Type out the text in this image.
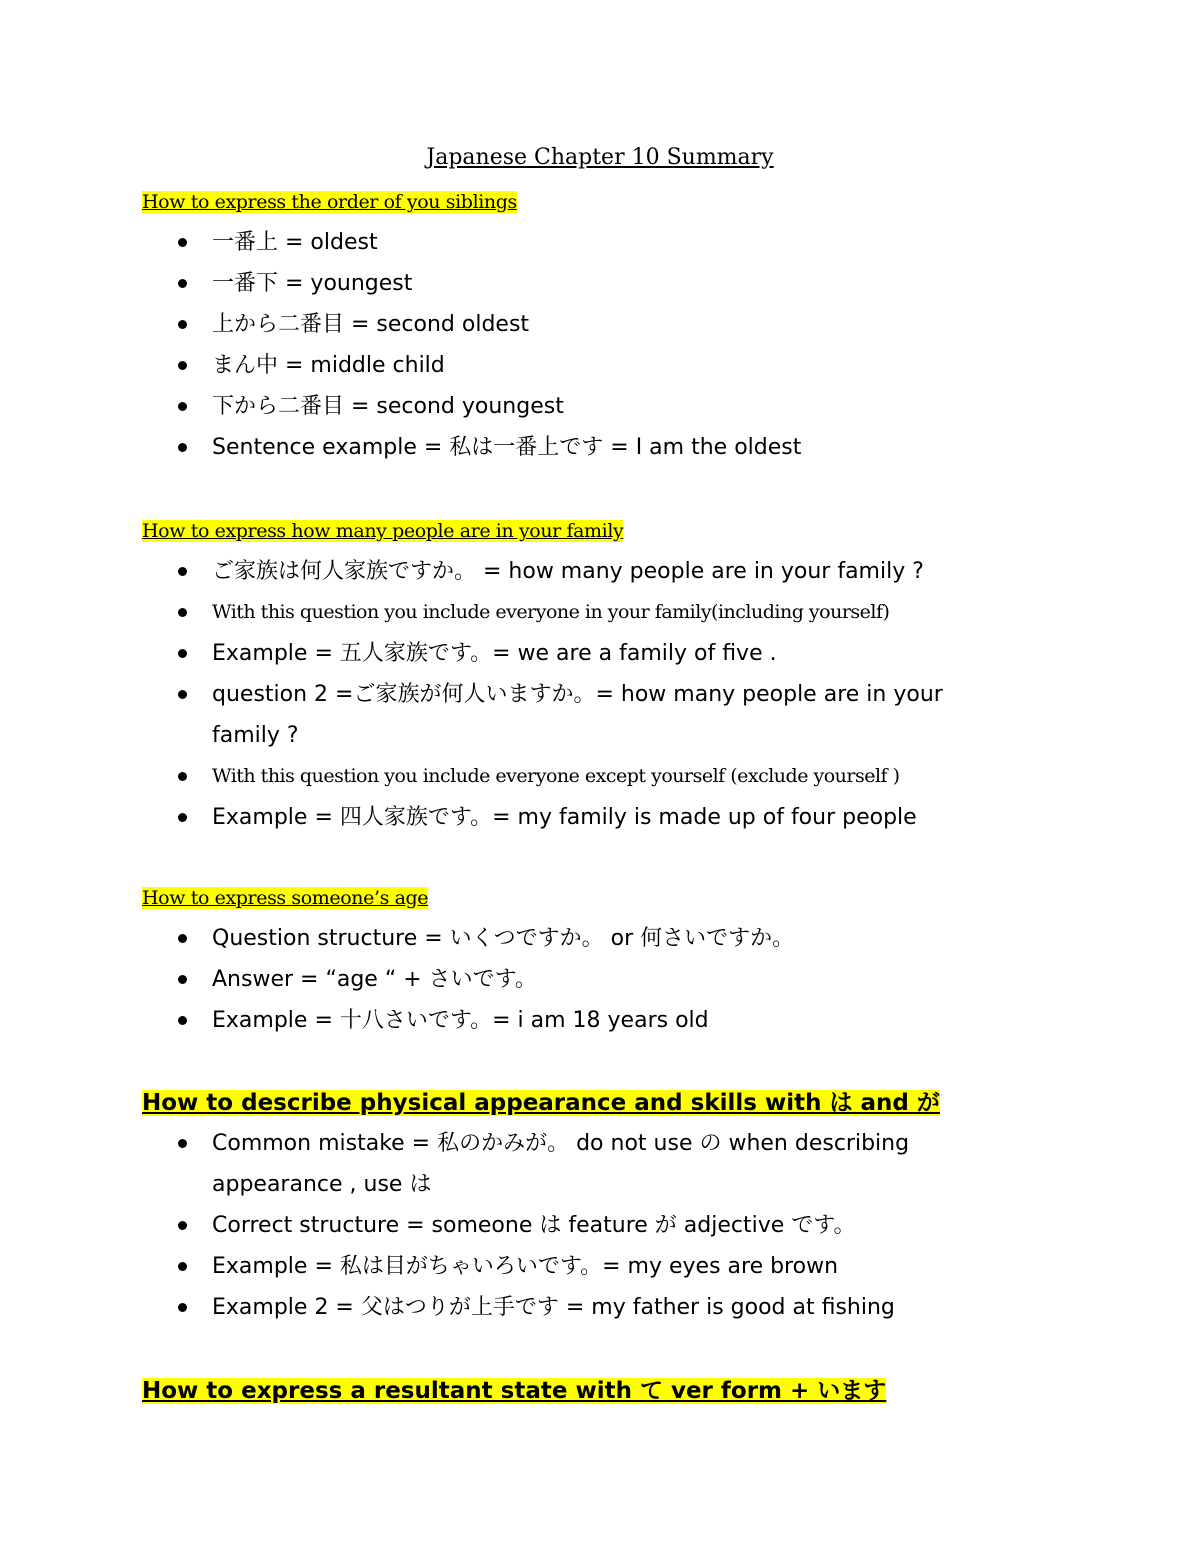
Japanese Chapter 10 Summary
How to express the order of you siblings
一番上 = oldest
一番下 = youngest
上から二番目 = second oldest
まん中 = middle child
下から二番目 = second youngest
Sentence example = 私は一番上です = I am the oldest
How to express how many people are in your family
ご家族は何人家族ですか。 = how many people are in your family ?
With this question you include everyone in your family(including yourself)
Example = 五人家族です。= we are a family of five .
question 2 =ご家族が何人いますか。= how many people are in your family ?
With this question you include everyone except yourself (exclude yourself )
Example = 四人家族です。= my family is made up of four people
How to express someone’s age
Question structure = いくつですか。 or 何さいですか。
Answer = “age “ + さいです。
Example = 十八さいです。= i am 18 years old
How to describe physical appearance and skills with は and が
Common mistake = 私のかみが。 do not use の when describing appearance , use は
Correct structure = someone は feature が adjective です。
Example = 私は目がちゃいろいです。= my eyes are brown
Example 2 = 父はつりが上手です = my father is good at fishing
How to express a resultant state with て ver form + います
